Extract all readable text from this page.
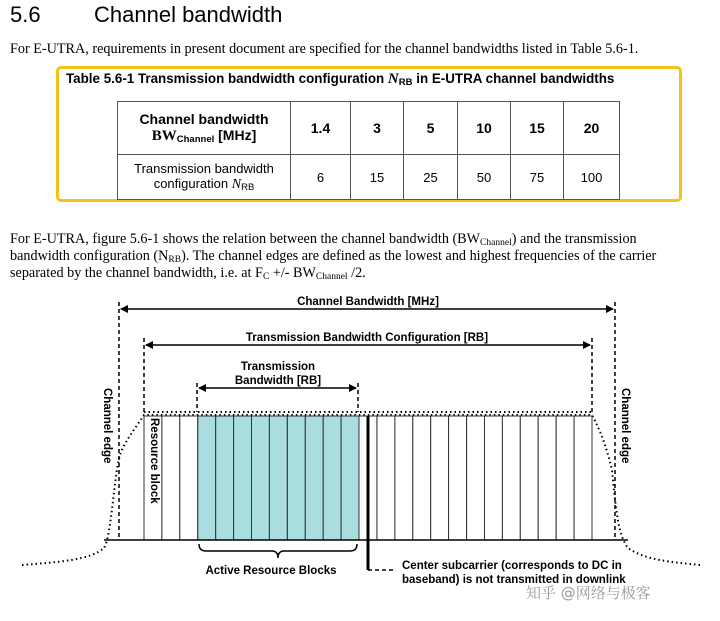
5.6 Channel bandwidth
For E-UTRA, requirements in present document are specified for the channel bandwidths listed in Table 5.6-1.
Table 5.6-1 Transmission bandwidth configuration $N_{RB}$ in E-UTRA channel bandwidths
Channel bandwidth
$BW_{Channel}$ [MHz]	1.4	3	5	10	15	20

Transmission bandwidth
configuration $N_{RB}$	6	15	25	50	75	100
For E-UTRA, figure 5.6-1 shows the relation between the channel bandwidth $(BW_{Channel})$ and the transmission
bandwidth configuration $(N_{RB})$. The channel edges are defined as the lowest and highest frequencies of the carrier
separated by the channel bandwidth, i.e. at $F_C$ +/- $BW_{Channel}$ /2.
Channel Bandwidth [MHz]
Transmission Bandwidth Configuration [RB]
Transmission
Bandwidth [RB]
Channel edge	Channel edge
Resource block
Active Resource Blocks	Center subcarrier (corresponds to DC in
baseband) is not transmitted in downlink
知乎 @网络与极客
